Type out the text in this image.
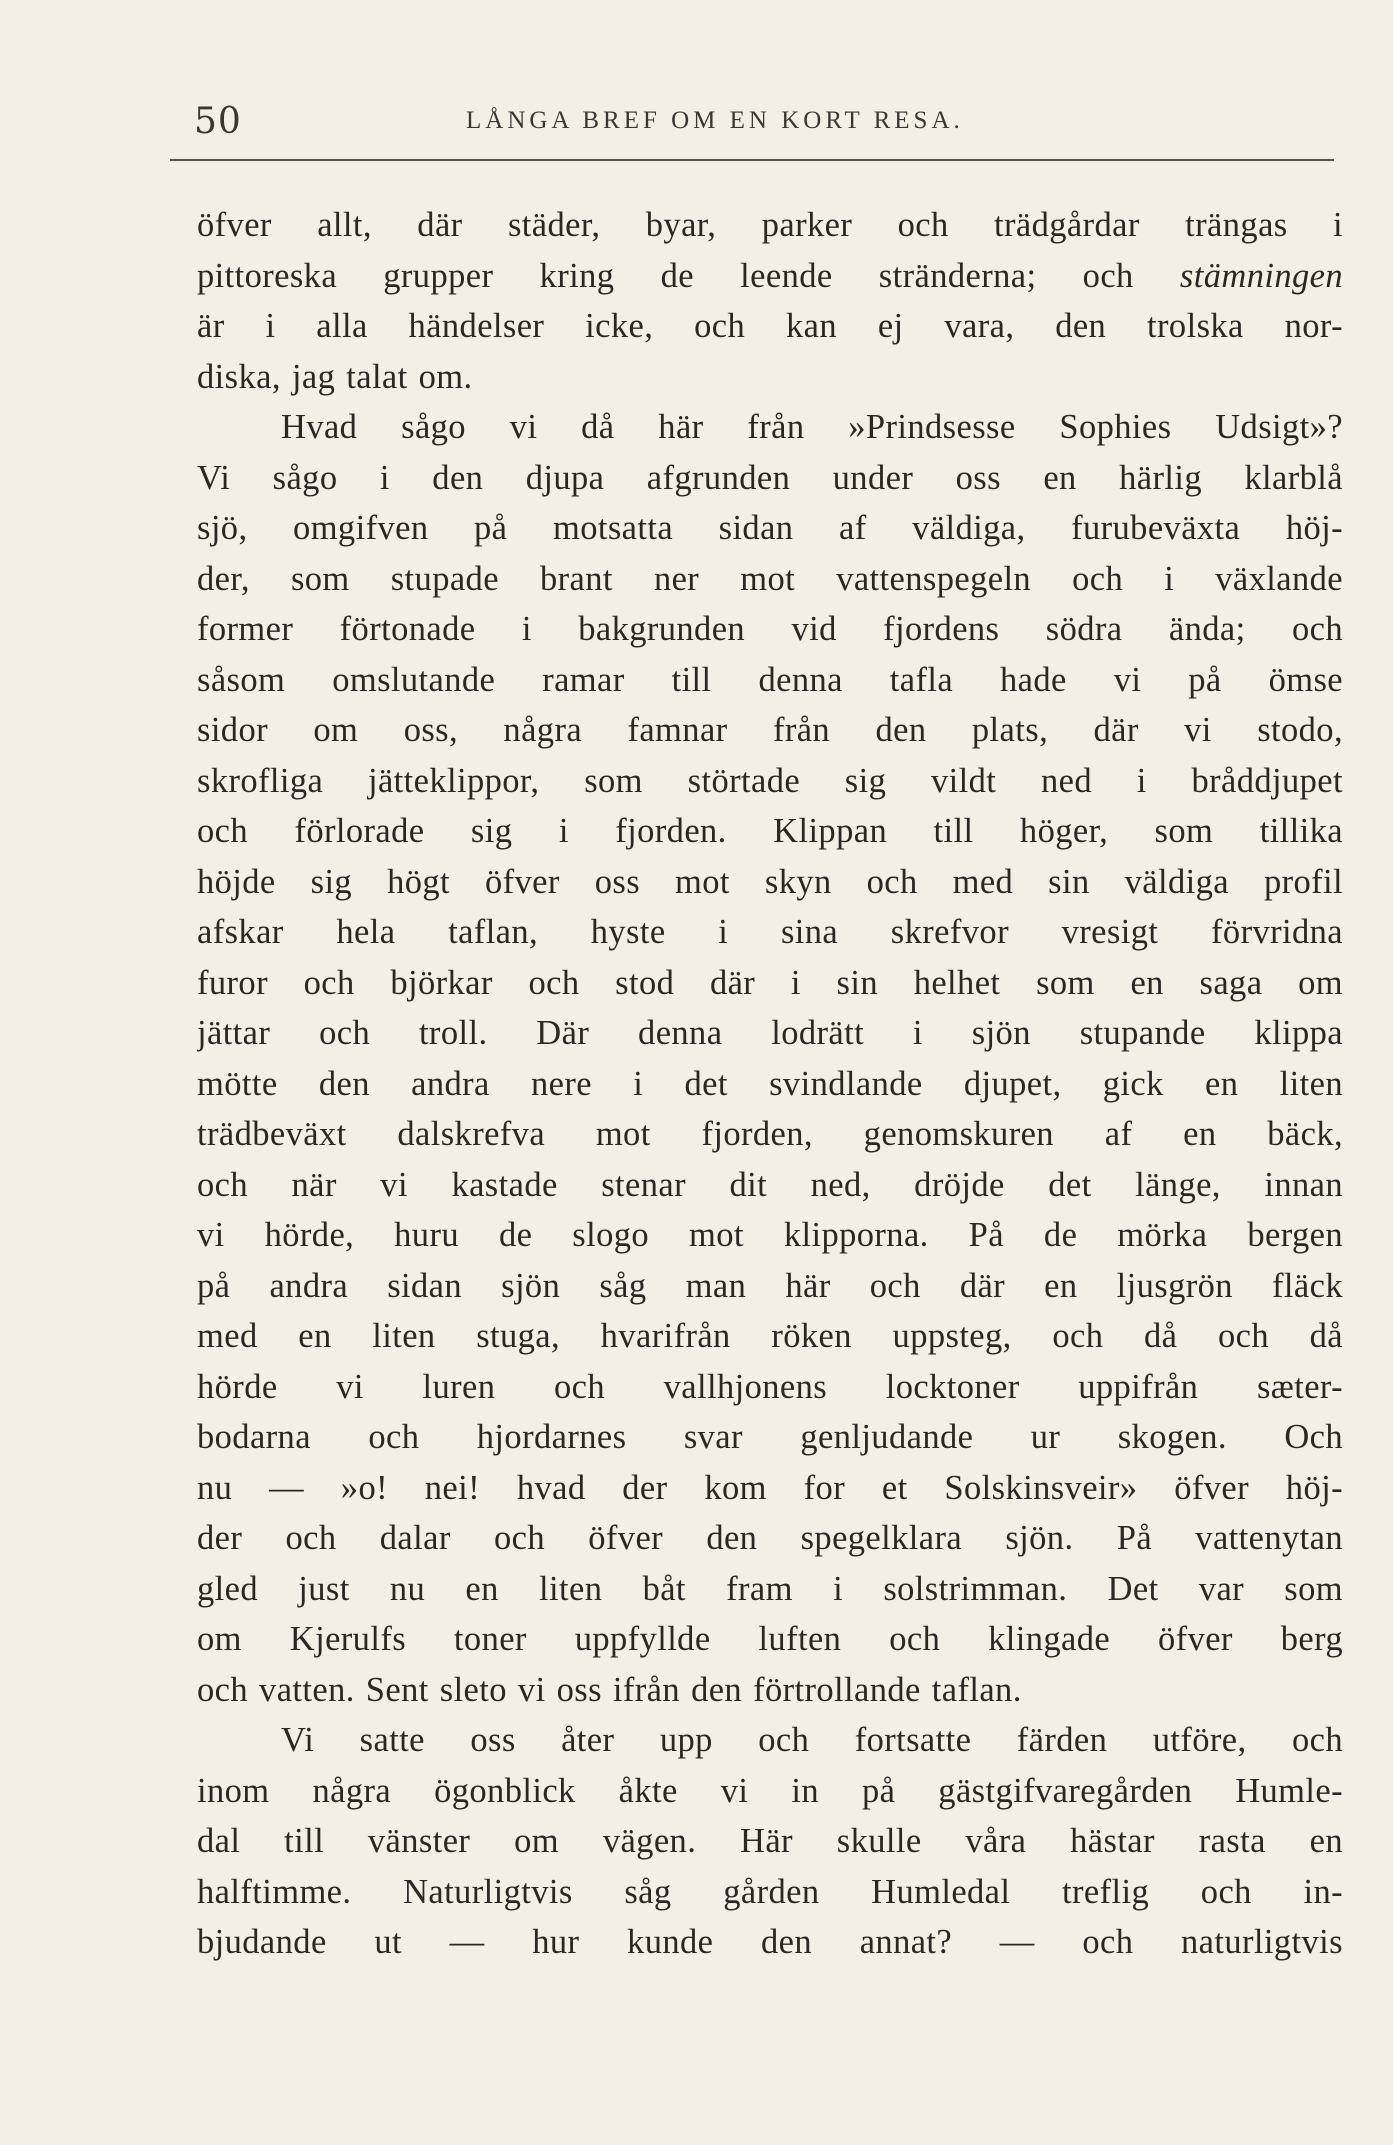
50	LÅNGA BREF OM EN KORT RESA.
öfver allt, där städer, byar, parker och trädgårdar trängas i
pittoreska grupper kring de leende stränderna; och stämningen
är i alla händelser icke, och kan ej vara, den trolska nor-
diska, jag talat om.
Hvad sågo vi då här från »Prindsesse Sophies Udsigt»?
Vi sågo i den djupa afgrunden under oss en härlig klarblå
sjö, omgifven på motsatta sidan af väldiga, furubeväxta höj-
der, som stupade brant ner mot vattenspegeln och i växlande
former förtonade i bakgrunden vid fjordens södra ända; och
såsom omslutande ramar till denna tafla hade vi på ömse
sidor om oss, några famnar från den plats, där vi stodo,
skrofliga jätteklippor, som störtade sig vildt ned i bråddjupet
och förlorade sig i fjorden. Klippan till höger, som tillika
höjde sig högt öfver oss mot skyn och med sin väldiga profil
afskar hela taflan, hyste i sina skrefvor vresigt förvridna
furor och björkar och stod där i sin helhet som en saga om
jättar och troll. Där denna lodrätt i sjön stupande klippa
mötte den andra nere i det svindlande djupet, gick en liten
trädbeväxt dalskrefva mot fjorden, genomskuren af en bäck,
och när vi kastade stenar dit ned, dröjde det länge, innan
vi hörde, huru de slogo mot klipporna. På de mörka bergen
på andra sidan sjön såg man här och där en ljusgrön fläck
med en liten stuga, hvarifrån röken uppsteg, och då och då
hörde vi luren och vallhjonens locktoner uppifrån sæter-
bodarna och hjordarnes svar genljudande ur skogen. Och
nu — »o! nei! hvad der kom for et Solskinsveir» öfver höj-
der och dalar och öfver den spegelklara sjön. På vattenytan
gled just nu en liten båt fram i solstrimman. Det var som
om Kjerulfs toner uppfyllde luften och klingade öfver berg
och vatten. Sent sleto vi oss ifrån den förtrollande taflan.
Vi satte oss åter upp och fortsatte färden utföre, och
inom några ögonblick åkte vi in på gästgifvaregården Humle-
dal till vänster om vägen. Här skulle våra hästar rasta en
halftimme. Naturligtvis såg gården Humledal treflig och in-
bjudande ut — hur kunde den annat? — och naturligtvis
